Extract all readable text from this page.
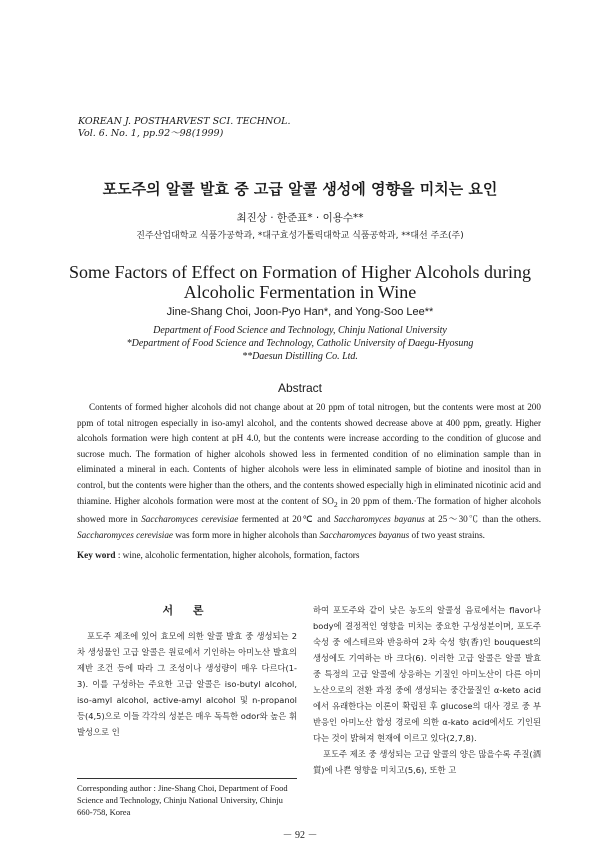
KOREAN J. POSTHARVEST SCI. TECHNOL.
Vol. 6. No. 1, pp.92～98(1999)
포도주의 알콜 발효 중 고급 알콜 생성에 영향을 미치는 요인
최진상 · 한준표* · 이용수**
진주산업대학교 식품가공학과, *대구효성가톨릭대학교 식품공학과, **대선 주조(주)
Some Factors of Effect on Formation of Higher Alcohols during
Alcoholic Fermentation in Wine
Jine-Shang Choi, Joon-Pyo Han*, and Yong-Soo Lee**
Department of Food Science and Technology, Chinju National University
*Department of Food Science and Technology, Catholic University of Daegu-Hyosung
**Daesun Distilling Co. Ltd.
Abstract

Contents of formed higher alcohols did not change about at 20 ppm of total nitrogen, but the contents were most at 200 ppm of total nitrogen especially in iso-amyl alcohol, and the contents showed decrease above at 400 ppm, greatly. Higher alcohols formation were high content at pH 4.0, but the contents were increase according to the condition of glucose and sucrose much. The formation of higher alcohols showed less in fermented condition of no elimination sample than in eliminated a mineral in each. Contents of higher alcohols were less in eliminated sample of biotine and inositol than in control, but the contents were higher than the others, and the contents showed especially high in eliminated nicotinic acid and thiamine. Higher alcohols formation were most at the content of $SO_2$ in 20 ppm of them.·The formation of higher alcohols showed more in Saccharomyces cerevisiae fermented at 20℃ and Saccharomyces bayanus at 25～30℃ than the others. Saccharomyces cerevisiae was form more in higher alcohols than Saccharomyces bayanus of two yeast strains.

Key word : wine, alcoholic fermentation, higher alcohols, formation, factors
서 론

포도주 제조에 있어 효모에 의한 알콜 발효 중 생성되는 2차 생성물인 고급 알콜은 원료에서 기인하는 아미노산 발효의 제반 조건 등에 따라 그 조성이나 생성량이 매우 다르다(1-3). 이를 구성하는 주요한 고급 알콜은 iso-butyl alcohol, iso-amyl alcohol, active-amyl alcohol 및 n-propanol 등(4,5)으로 이들 각각의 성분은 매우 독특한 odor와 높은 휘발성으로 인

하여 포도주와 같이 낮은 농도의 알콜성 음료에서는 flavor나 body에 결정적인 영향을 미치는 중요한 구성성분이며, 포도주 숙성 중 에스테르와 반응하여 2차 숙성 향(香)인 bouquest의 생성에도 기여하는 바 크다(6). 이러한 고급 알콜은 알콜 발효 중 특정의 고급 알콜에 상응하는 기질인 아미노산이 다른 아미노산으로의 전환 과정 중에 생성되는 중간물질인 α-keto acid에서 유래한다는 이론이 확립된 후 glucose의 대사 경로 중 부반응인 아미노산 합성 경로에 의한 α-kato acid에서도 기인된다는 것이 밝혀져 현재에 이르고 있다(2,7,8).

포도주 제조 중 생성되는 고급 알콜의 양은 많을수록 주질(酒質)에 나쁜 영향을 미치고(5,6), 또한 고

Corresponding author : Jine-Shang Choi, Department of Food Science and Technology, Chinju National University, Chinju 660-758, Korea
－ 92 －
